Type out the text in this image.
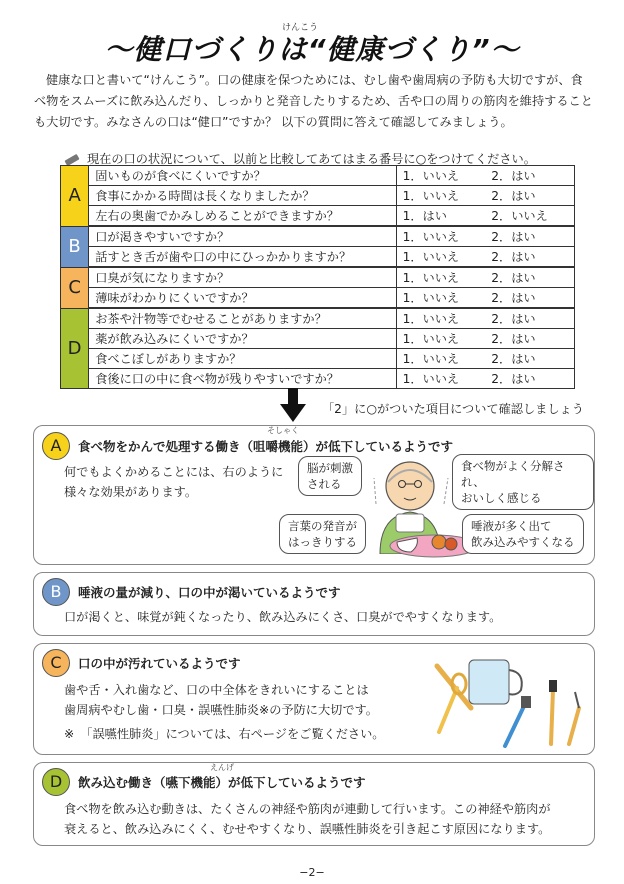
けんこう
〜健口づくりは“健康づくり”〜
健康な口と書いて“けんこう”。口の健康を保つためには、むし歯や歯周病の予防も大切ですが、食べ物をスムーズに飲み込んだり、しっかりと発音したりするため、舌や口の周りの筋肉を維持することも大切です。みなさんの口は“健口”ですか？ 以下の質問に答えて確認してみましょう。
現在の口の状況について、以前と比較してあてはまる番号に○をつけてください。
A	固いものが食べにくいですか？	1．いいえ	2．はい
	食事にかかる時間は長くなりましたか？	1．いいえ	2．はい
	左右の奥歯でかみしめることができますか？	1．はい	2．いいえ
B	口が渇きやすいですか？	1．いいえ	2．はい
	話すとき舌が歯や口の中にひっかかりますか？	1．いいえ	2．はい
C	口臭が気になりますか？	1．いいえ	2．はい
	薄味がわかりにくいですか？	1．いいえ	2．はい
D	お茶や汁物等でむせることがありますか？	1．いいえ	2．はい
	薬が飲み込みにくいですか？	1．いいえ	2．はい
	食べこぼしがありますか？	1．いいえ	2．はい
	食後に口の中に食べ物が残りやすいですか？	1．いいえ	2．はい
「2」に○がついた項目について確認しましょう
A
そしゃく
食べ物をかんで処理する働き（咀嚼機能）が低下しているようです
何でもよくかめることには、右のように
様々な効果があります。
脳が刺激
される
食べ物がよく分解され、
おいしく感じる
言葉の発音が
はっきりする
唾液が多く出て
飲み込みやすくなる
B	唾液の量が減り、口の中が渇いているようです
口が渇くと、味覚が鈍くなったり、飲み込みにくさ、口臭がでやすくなります。
C	口の中が汚れているようです
歯や舌・入れ歯など、口の中全体をきれいにすることは
歯周病やむし歯・口臭・誤嚥性肺炎※の予防に大切です。
※　「誤嚥性肺炎」については、右ページをご覧ください。
D
えんげ
飲み込む働き（嚥下機能）が低下しているようです
食べ物を飲み込む動きは、たくさんの神経や筋肉が連動して行います。この神経や筋肉が
衰えると、飲み込みにくく、むせやすくなり、誤嚥性肺炎を引き起こす原因になります。
−2−
